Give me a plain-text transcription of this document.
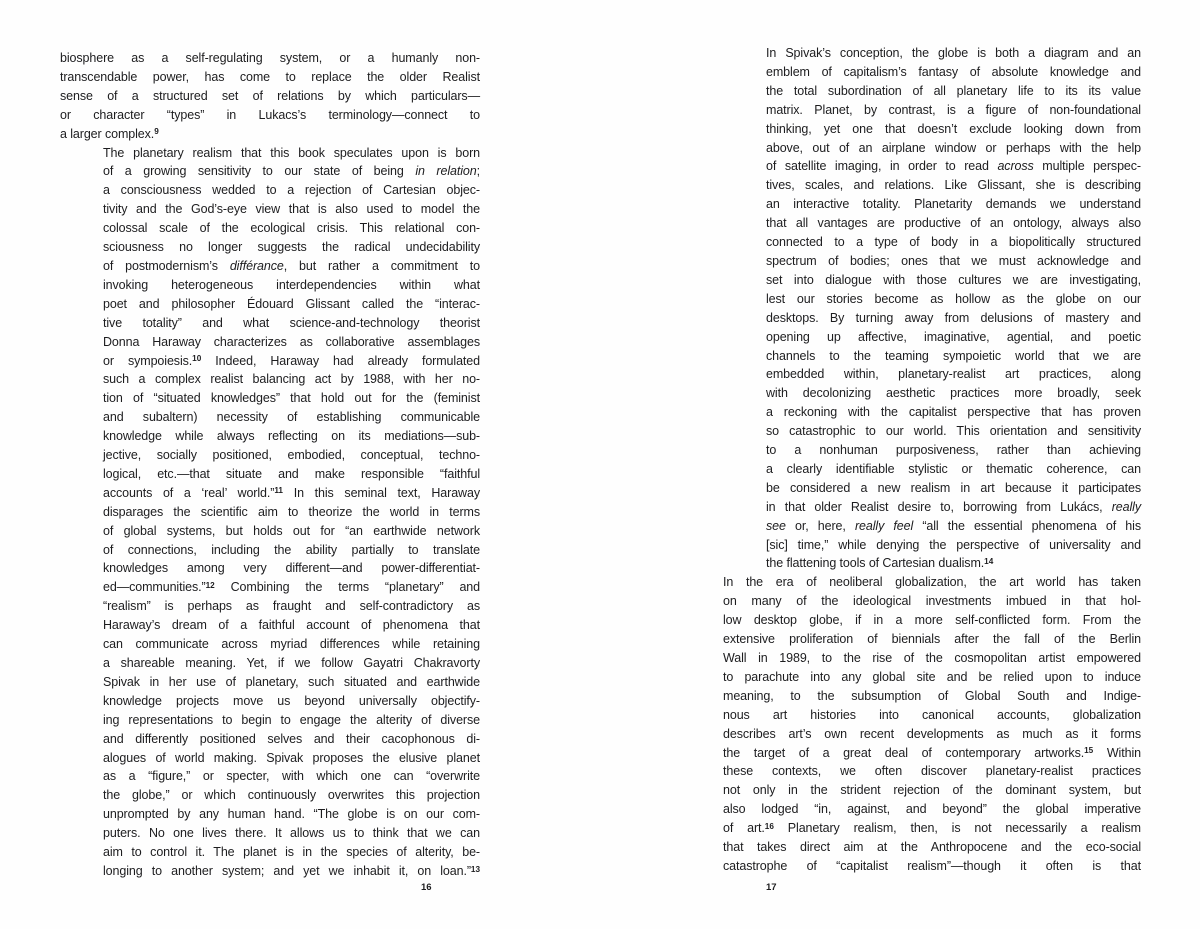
biosphere as a self-regulating system, or a humanly non-
transcendable power, has come to replace the older Realist
sense of a structured set of relations by which particulars—
or character “types” in Lukacs’s terminology—connect to
a larger complex.$^9$
The planetary realism that this book speculates upon is born
of a growing sensitivity to our state of being in relation;
a consciousness wedded to a rejection of Cartesian objec-
tivity and the God’s-eye view that is also used to model the
colossal scale of the ecological crisis. This relational con-
sciousness no longer suggests the radical undecidability
of postmodernism’s différance, but rather a commitment to
invoking heterogeneous interdependencies within what
poet and philosopher Édouard Glissant called the “interac-
tive totality” and what science-and-technology theorist
Donna Haraway characterizes as collaborative assemblages
or sympoiesis.$^{10}$ Indeed, Haraway had already formulated
such a complex realist balancing act by 1988, with her no-
tion of “situated knowledges” that hold out for the (feminist
and subaltern) necessity of establishing communicable
knowledge while always reflecting on its mediations—sub-
jective, socially positioned, embodied, conceptual, techno-
logical, etc.—that situate and make responsible “faithful
accounts of a ‘real’ world.”$^{11}$ In this seminal text, Haraway
disparages the scientific aim to theorize the world in terms
of global systems, but holds out for “an earthwide network
of connections, including the ability partially to translate
knowledges among very different—and power-differentiat-
ed—communities.”$^{12}$ Combining the terms “planetary” and
“realism” is perhaps as fraught and self-contradictory as
Haraway’s dream of a faithful account of phenomena that
can communicate across myriad differences while retaining
a shareable meaning. Yet, if we follow Gayatri Chakravorty
Spivak in her use of planetary, such situated and earthwide
knowledge projects move us beyond universally objectify-
ing representations to begin to engage the alterity of diverse
and differently positioned selves and their cacophonous di-
alogues of world making. Spivak proposes the elusive planet
as a “figure,” or specter, with which one can “overwrite
the globe,” or which continuously overwrites this projection
unprompted by any human hand. “The globe is on our com-
puters. No one lives there. It allows us to think that we can
aim to control it. The planet is in the species of alterity, be-
longing to another system; and yet we inhabit it, on loan.”$^{13}$
In Spivak’s conception, the globe is both a diagram and an
emblem of capitalism’s fantasy of absolute knowledge and
the total subordination of all planetary life to its its value
matrix. Planet, by contrast, is a figure of non-foundational
thinking, yet one that doesn’t exclude looking down from
above, out of an airplane window or perhaps with the help
of satellite imaging, in order to read across multiple perspec-
tives, scales, and relations. Like Glissant, she is describing
an interactive totality. Planetarity demands we understand
that all vantages are productive of an ontology, always also
connected to a type of body in a biopolitically structured
spectrum of bodies; ones that we must acknowledge and
set into dialogue with those cultures we are investigating,
lest our stories become as hollow as the globe on our
desktops. By turning away from delusions of mastery and
opening up affective, imaginative, agential, and poetic
channels to the teaming sympoietic world that we are
embedded within, planetary-realist art practices, along
with decolonizing aesthetic practices more broadly, seek
a reckoning with the capitalist perspective that has proven
so catastrophic to our world. This orientation and sensitivity
to a nonhuman purposiveness, rather than achieving
a clearly identifiable stylistic or thematic coherence, can
be considered a new realism in art because it participates
in that older Realist desire to, borrowing from Lukács, really
see or, here, really feel “all the essential phenomena of his
[sic] time,” while denying the perspective of universality and
the flattening tools of Cartesian dualism.$^{14}$
In the era of neoliberal globalization, the art world has taken
on many of the ideological investments imbued in that hol-
low desktop globe, if in a more self-conflicted form. From the
extensive proliferation of biennials after the fall of the Berlin
Wall in 1989, to the rise of the cosmopolitan artist empowered
to parachute into any global site and be relied upon to induce
meaning, to the subsumption of Global South and Indige-
nous art histories into canonical accounts, globalization
describes art’s own recent developments as much as it forms
the target of a great deal of contemporary artworks.$^{15}$ Within
these contexts, we often discover planetary-realist practices
not only in the strident rejection of the dominant system, but
also lodged “in, against, and beyond” the global imperative
of art.$^{16}$ Planetary realism, then, is not necessarily a realism
that takes direct aim at the Anthropocene and the eco-social
catastrophe of “capitalist realism”—though it often is that
16	17
